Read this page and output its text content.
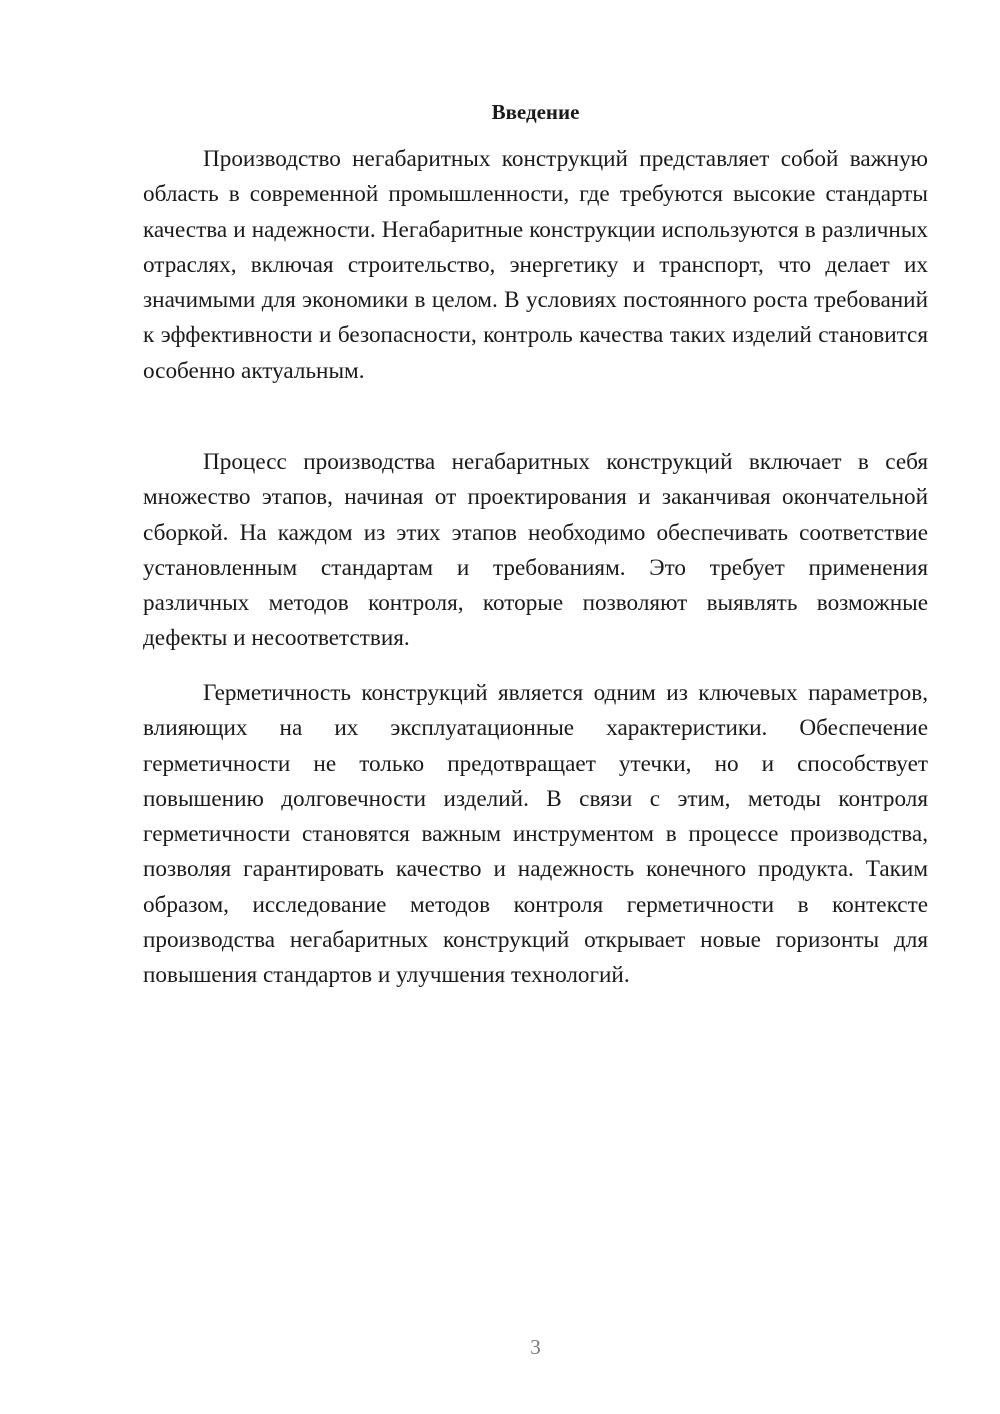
Введение

Производство негабаритных конструкций представляет собой важную область в современной промышленности, где требуются высокие стандарты качества и надежности. Негабаритные конструкции используются в различных отраслях, включая строительство, энергетику и транспорт, что делает их значимыми для экономики в целом. В условиях постоянного роста требований к эффективности и безопасности, контроль качества таких изделий становится особенно актуальным.

Процесс производства негабаритных конструкций включает в себя множество этапов, начиная от проектирования и заканчивая окончательной сборкой. На каждом из этих этапов необходимо обеспечивать соответствие установленным стандартам и требованиям. Это требует применения различных методов контроля, которые позволяют выявлять возможные дефекты и несоответствия.

Герметичность конструкций является одним из ключевых параметров, влияющих на их эксплуатационные характеристики. Обеспечение герметичности не только предотвращает утечки, но и способствует повышению долговечности изделий. В связи с этим, методы контроля герметичности становятся важным инструментом в процессе производства, позволяя гарантировать качество и надежность конечного продукта. Таким образом, исследование методов контроля герметичности в контексте производства негабаритных конструкций открывает новые горизонты для повышения стандартов и улучшения технологий.

3
